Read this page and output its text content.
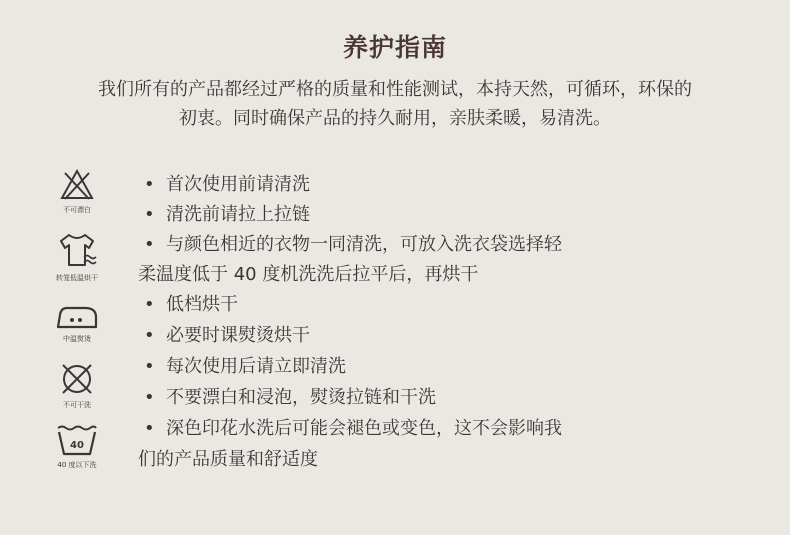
养护指南
我们所有的产品都经过严格的质量和性能测试，本持天然，可循环，环保的
初衷。同时确保产品的持久耐用，亲肤柔暖，易清洗。
不可漂白
转笼低温烘干
中温熨烫
不可干洗
40
40 度以下洗
• 首次使用前请清洗
• 清洗前请拉上拉链
• 与颜色相近的衣物一同清洗，可放入洗衣袋选择轻
柔温度低于 40 度机洗洗后拉平后，再烘干
• 低档烘干
• 必要时课熨烫烘干
• 每次使用后请立即清洗
• 不要漂白和浸泡，熨烫拉链和干洗
• 深色印花水洗后可能会褪色或变色，这不会影响我
们的产品质量和舒适度
